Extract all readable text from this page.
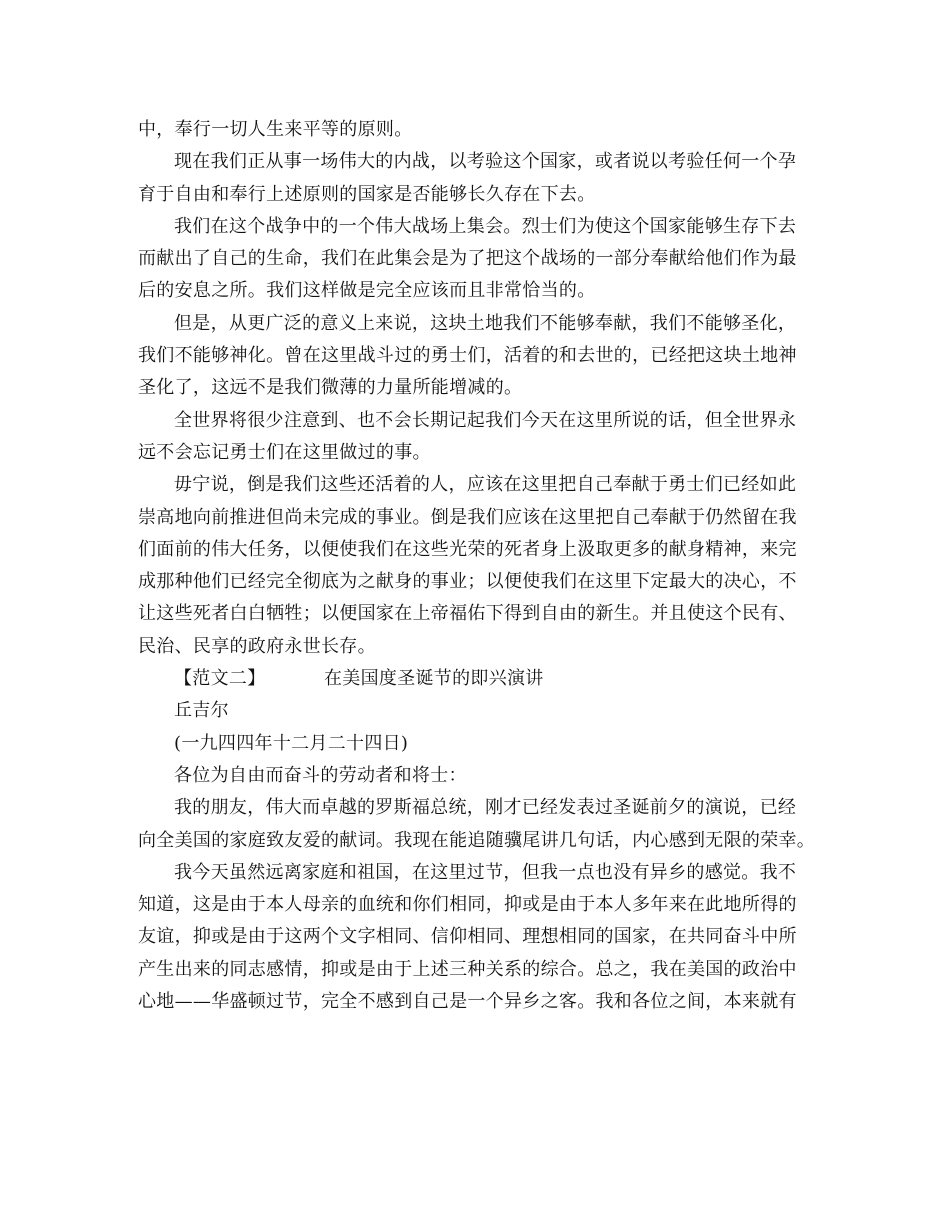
中，奉行一切人生来平等的原则。
现在我们正从事一场伟大的内战，以考验这个国家，或者说以考验任何一个孕
育于自由和奉行上述原则的国家是否能够长久存在下去。
我们在这个战争中的一个伟大战场上集会。烈士们为使这个国家能够生存下去
而献出了自己的生命，我们在此集会是为了把这个战场的一部分奉献给他们作为最
后的安息之所。我们这样做是完全应该而且非常恰当的。
但是，从更广泛的意义上来说，这块土地我们不能够奉献，我们不能够圣化，
我们不能够神化。曾在这里战斗过的勇士们，活着的和去世的，已经把这块土地神
圣化了，这远不是我们微薄的力量所能增减的。
全世界将很少注意到、也不会长期记起我们今天在这里所说的话，但全世界永
远不会忘记勇士们在这里做过的事。
毋宁说，倒是我们这些还活着的人，应该在这里把自己奉献于勇士们已经如此
崇高地向前推进但尚未完成的事业。倒是我们应该在这里把自己奉献于仍然留在我
们面前的伟大任务，以便使我们在这些光荣的死者身上汲取更多的献身精神，来完
成那种他们已经完全彻底为之献身的事业；以便使我们在这里下定最大的决心，不
让这些死者白白牺牲；以便国家在上帝福佑下得到自由的新生。并且使这个民有、
民治、民享的政府永世长存。
【范文二】	在美国度圣诞节的即兴演讲
丘吉尔
(一九四四年十二月二十四日)
各位为自由而奋斗的劳动者和将士：
我的朋友，伟大而卓越的罗斯福总统，刚才已经发表过圣诞前夕的演说，已经
向全美国的家庭致友爱的献词。我现在能追随骥尾讲几句话，内心感到无限的荣幸。
我今天虽然远离家庭和祖国，在这里过节，但我一点也没有异乡的感觉。我不
知道，这是由于本人母亲的血统和你们相同，抑或是由于本人多年来在此地所得的
友谊，抑或是由于这两个文字相同、信仰相同、理想相同的国家，在共同奋斗中所
产生出来的同志感情，抑或是由于上述三种关系的综合。总之，我在美国的政治中
心地——华盛顿过节，完全不感到自己是一个异乡之客。我和各位之间，本来就有
